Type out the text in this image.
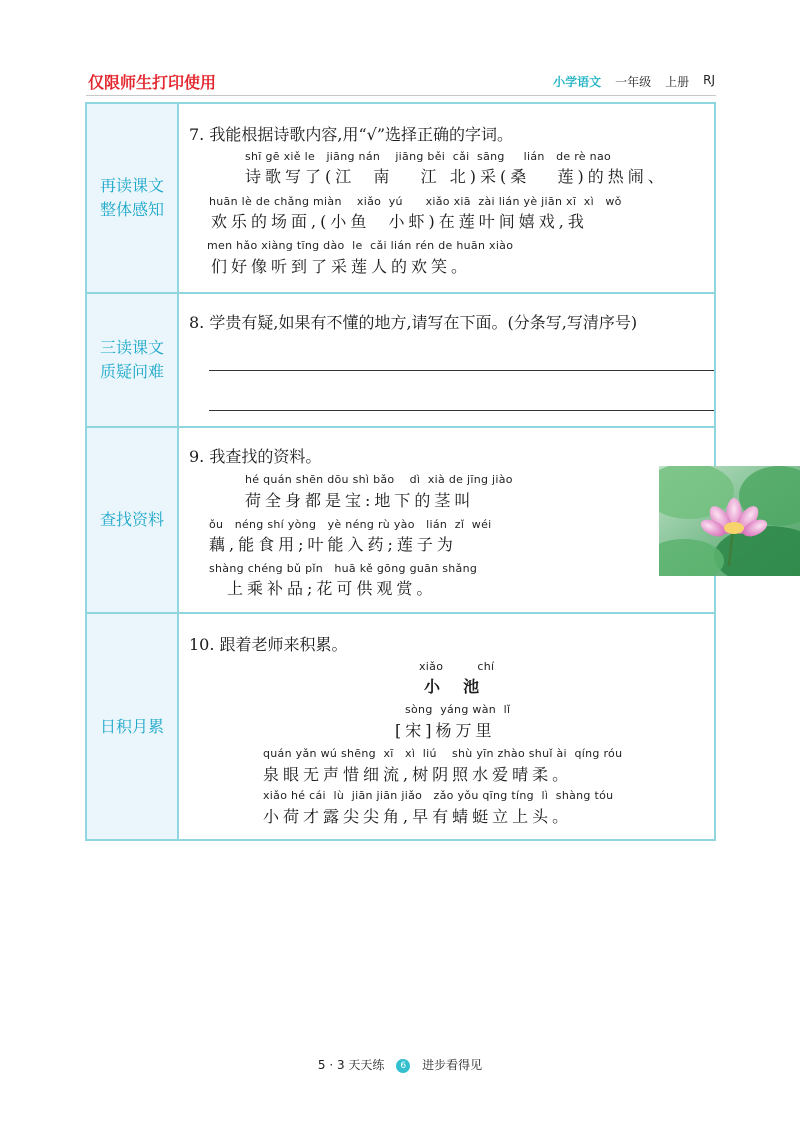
仅限师生打印使用	小学语文 一年级 上册 RJ
再读课文
整体感知
7. 我能根据诗歌内容,用“√”选择正确的字词。
shī gē xiě le   jiāng nán    jiāng běi  cǎi  sāng     lián   de rè nao
诗歌写了(江  南   江 北)采(桑   莲)的热闹、
huān lè de chǎng miàn    xiǎo  yú      xiǎo xiā  zài lián yè jiān xī  xì   wǒ
欢乐的场面,(小鱼  小虾)在莲叶间嬉戏,我
men hǎo xiàng tīng dào  le  cǎi lián rén de huān xiào
们好像听到了采莲人的欢笑。
三读课文
质疑问难
8. 学贵有疑,如果有不懂的地方,请写在下面。(分条写,写清序号)
查找资料
9. 我查找的资料。
hé quán shēn dōu shì bǎo    dì  xià de jīng jiào
荷全身都是宝:地下的茎叫
ǒu   néng shí yòng   yè néng rù yào   lián  zǐ  wéi
藕,能食用;叶能入药;莲子为
shàng chéng bǔ pǐn   huā kě gōng guān shǎng
上乘补品;花可供观赏。
日积月累
10. 跟着老师来积累。
xiǎo         chí
小  池
sòng  yáng wàn  lǐ
[宋]杨万里
quán yǎn wú shēng  xī   xì  liú    shù yīn zhào shuǐ ài  qíng róu
泉眼无声惜细流,树阴照水爱晴柔。
xiǎo hé cái  lù  jiān jiān jiǎo   zǎo yǒu qīng tíng  lì  shàng tóu
小荷才露尖尖角,早有蜻蜓立上头。
5 · 3 天天练 6 进步看得见
